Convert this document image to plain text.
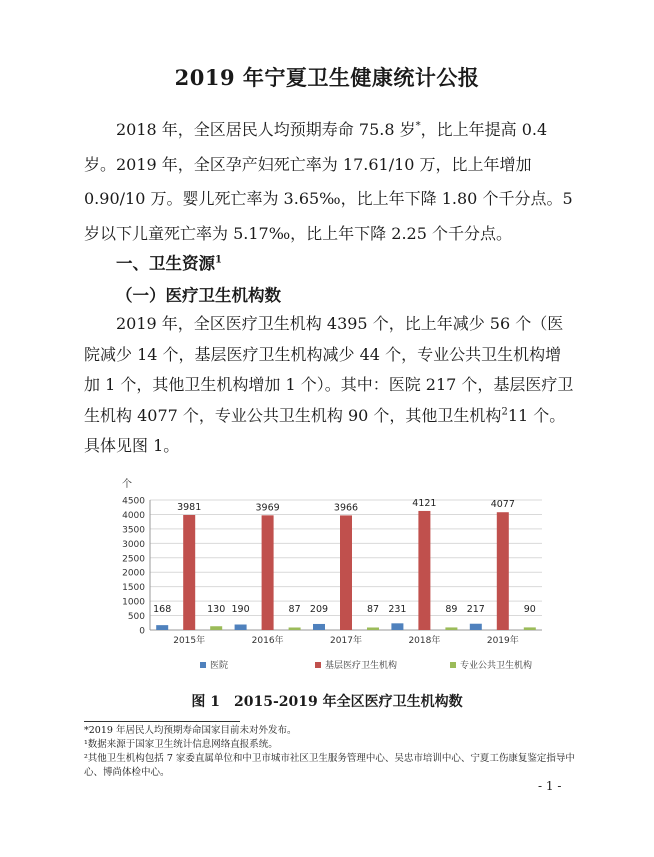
2019 年宁夏卫生健康统计公报

2018 年，全区居民人均预期寿命 75.8 岁*，比上年提高 0.4 岁。2019 年，全区孕产妇死亡率为 17.61/10 万，比上年增加 0.90/10 万。婴儿死亡率为 3.65‰，比上年下降 1.80 个千分点。5 岁以下儿童死亡率为 5.17‰，比上年下降 2.25 个千分点。

一、卫生资源$^1$

（一）医疗卫生机构数

2019 年，全区医疗卫生机构 4395 个，比上年减少 56 个（医院减少 14 个，基层医疗卫生机构减少 44 个，专业公共卫生机构增加 1 个，其他卫生机构增加 1 个）。其中：医院 217 个，基层医疗卫生机构 4077 个，专业公共卫生机构 90 个，其他卫生机构$^2$11 个。具体见图 1。

个
4500
4000
3500
3000
2500
2000
1500
1000
500
0
168
3981
130
2015年
190
3969
87
2016年
209
3966
87
2017年
231
4121
89
2018年
217
4077
90
2019年
医院	基层医疗卫生机构	专业公共卫生机构
图 1　2015-2019 年全区医疗卫生机构数
*2019 年居民人均预期寿命国家目前未对外发布。
¹数据来源于国家卫生统计信息网络直报系统。
²其他卫生机构包括 7 家委直属单位和中卫市城市社区卫生服务管理中心、吴忠市培训中心、宁夏工伤康复鉴定指导中心、博尚体检中心。
- 1 -
